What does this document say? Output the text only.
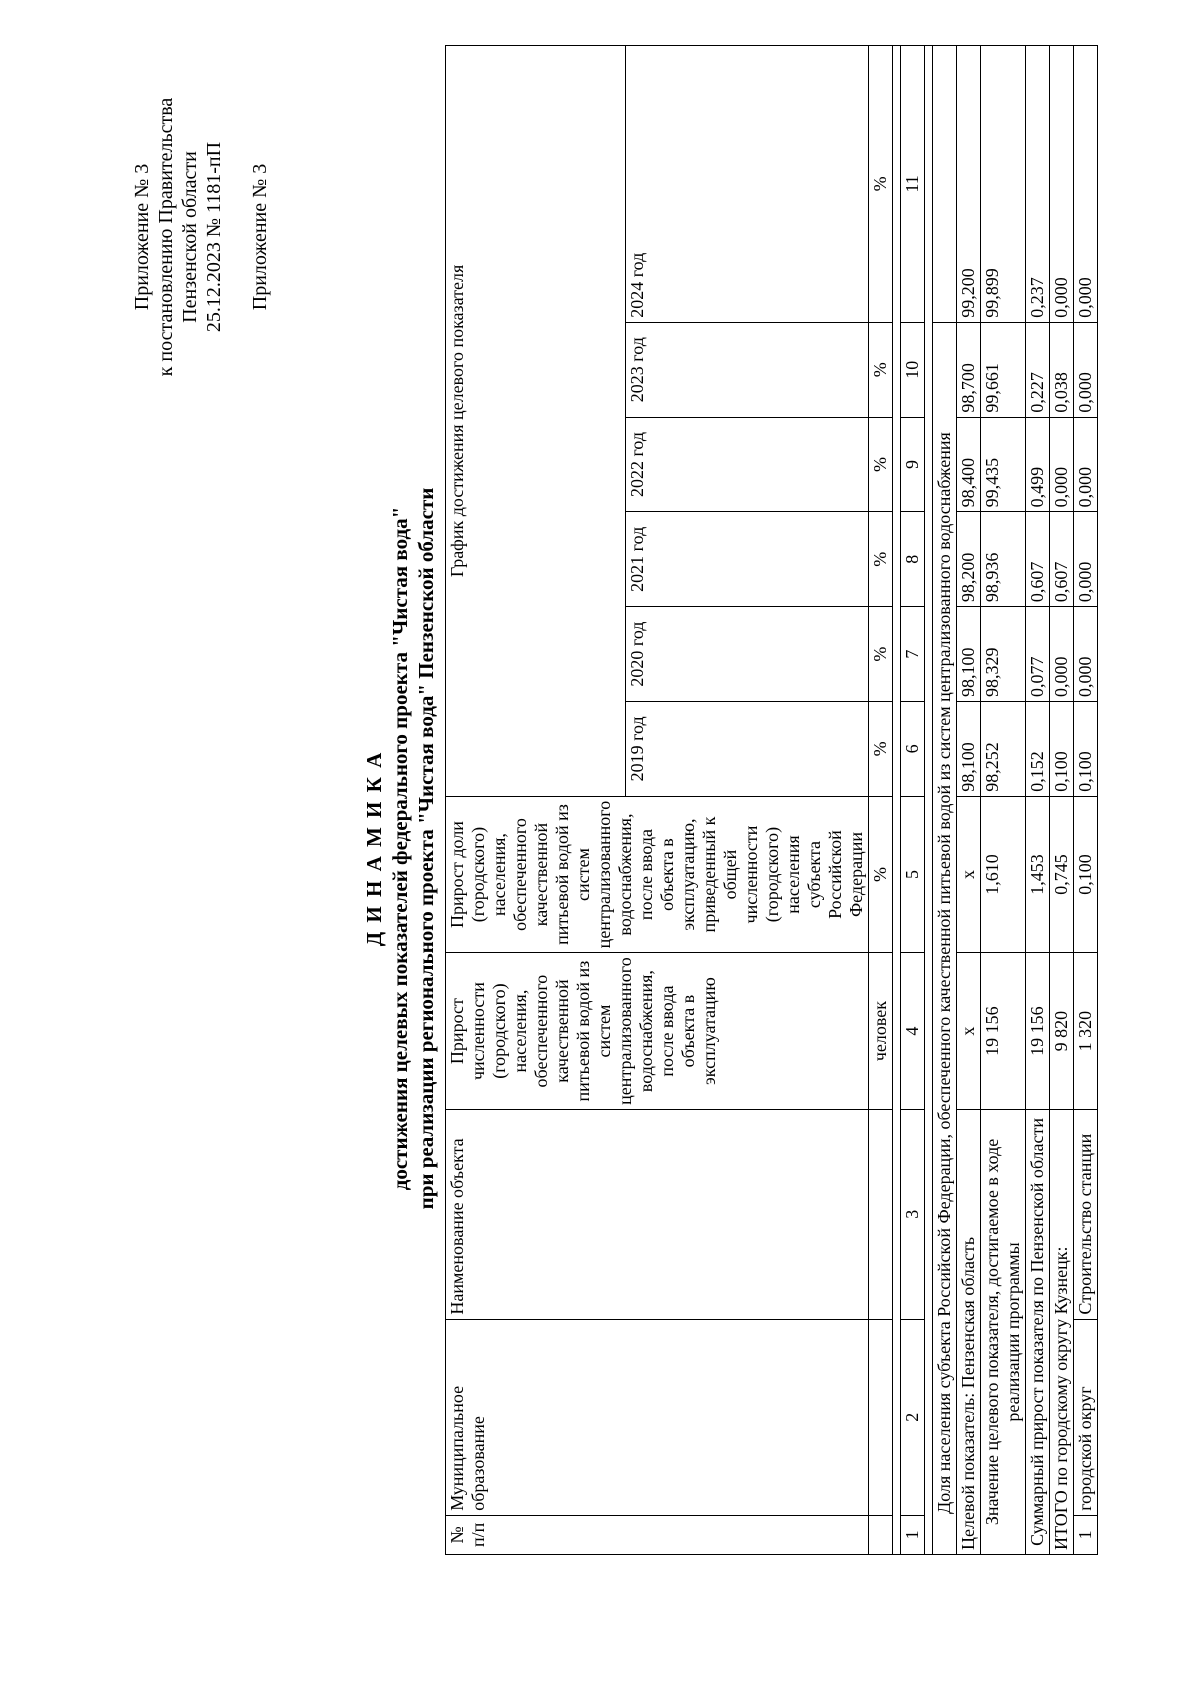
Приложение № 3 к постановлению Правительства Пензенской области 25.12.2023 № 1181-пП Приложение № 3
Д И Н А М И К А достижения целевых показателей федерального проекта "Чистая вода" при реализации регионального проекта "Чистая вода" Пензенской области
№ п/п	Муниципальное образование	Наименование объекта	Прирост численности (городского) населения, обеспеченного качественной питьевой водой из систем централизованного водоснабжения, после ввода объекта в эксплуатацию	Прирост доли (городского) населения, обеспеченного качественной питьевой водой из систем централизованного водоснабжения, после ввода объекта в эксплуатацию, приведенный к общей численности (городского) населения субъекта Российской Федерации	График достижения целевого показателя					
					2019 год	2020 год	2021 год	2022 год	2023 год	2024 год
			человек	%	%	%	%	%	%	%

1	2	3	4	5	6	7	8	9	10	11

Доля населения субъекта Российской Федерации, обеспеченного качественной питьевой водой из систем централизованного водоснабжения										
Целевой показатель: Пензенская область			x	x	98,100	98,100	98,200	98,400	98,700	99,200
Значение целевого показателя, достигаемое в ходе реализации программы			19 156	1,610	98,252	98,329	98,936	99,435	99,661	99,899
Суммарный прирост показателя по Пензенской области			19 156	1,453	0,152	0,077	0,607	0,499	0,227	0,237
ИТОГО по городскому округу Кузнецк:			9 820	0,745	0,100	0,000	0,607	0,000	0,038	0,000
1	городской округ	Строительство станции	1 320	0,100	0,100	0,000	0,000	0,000	0,000	0,000
